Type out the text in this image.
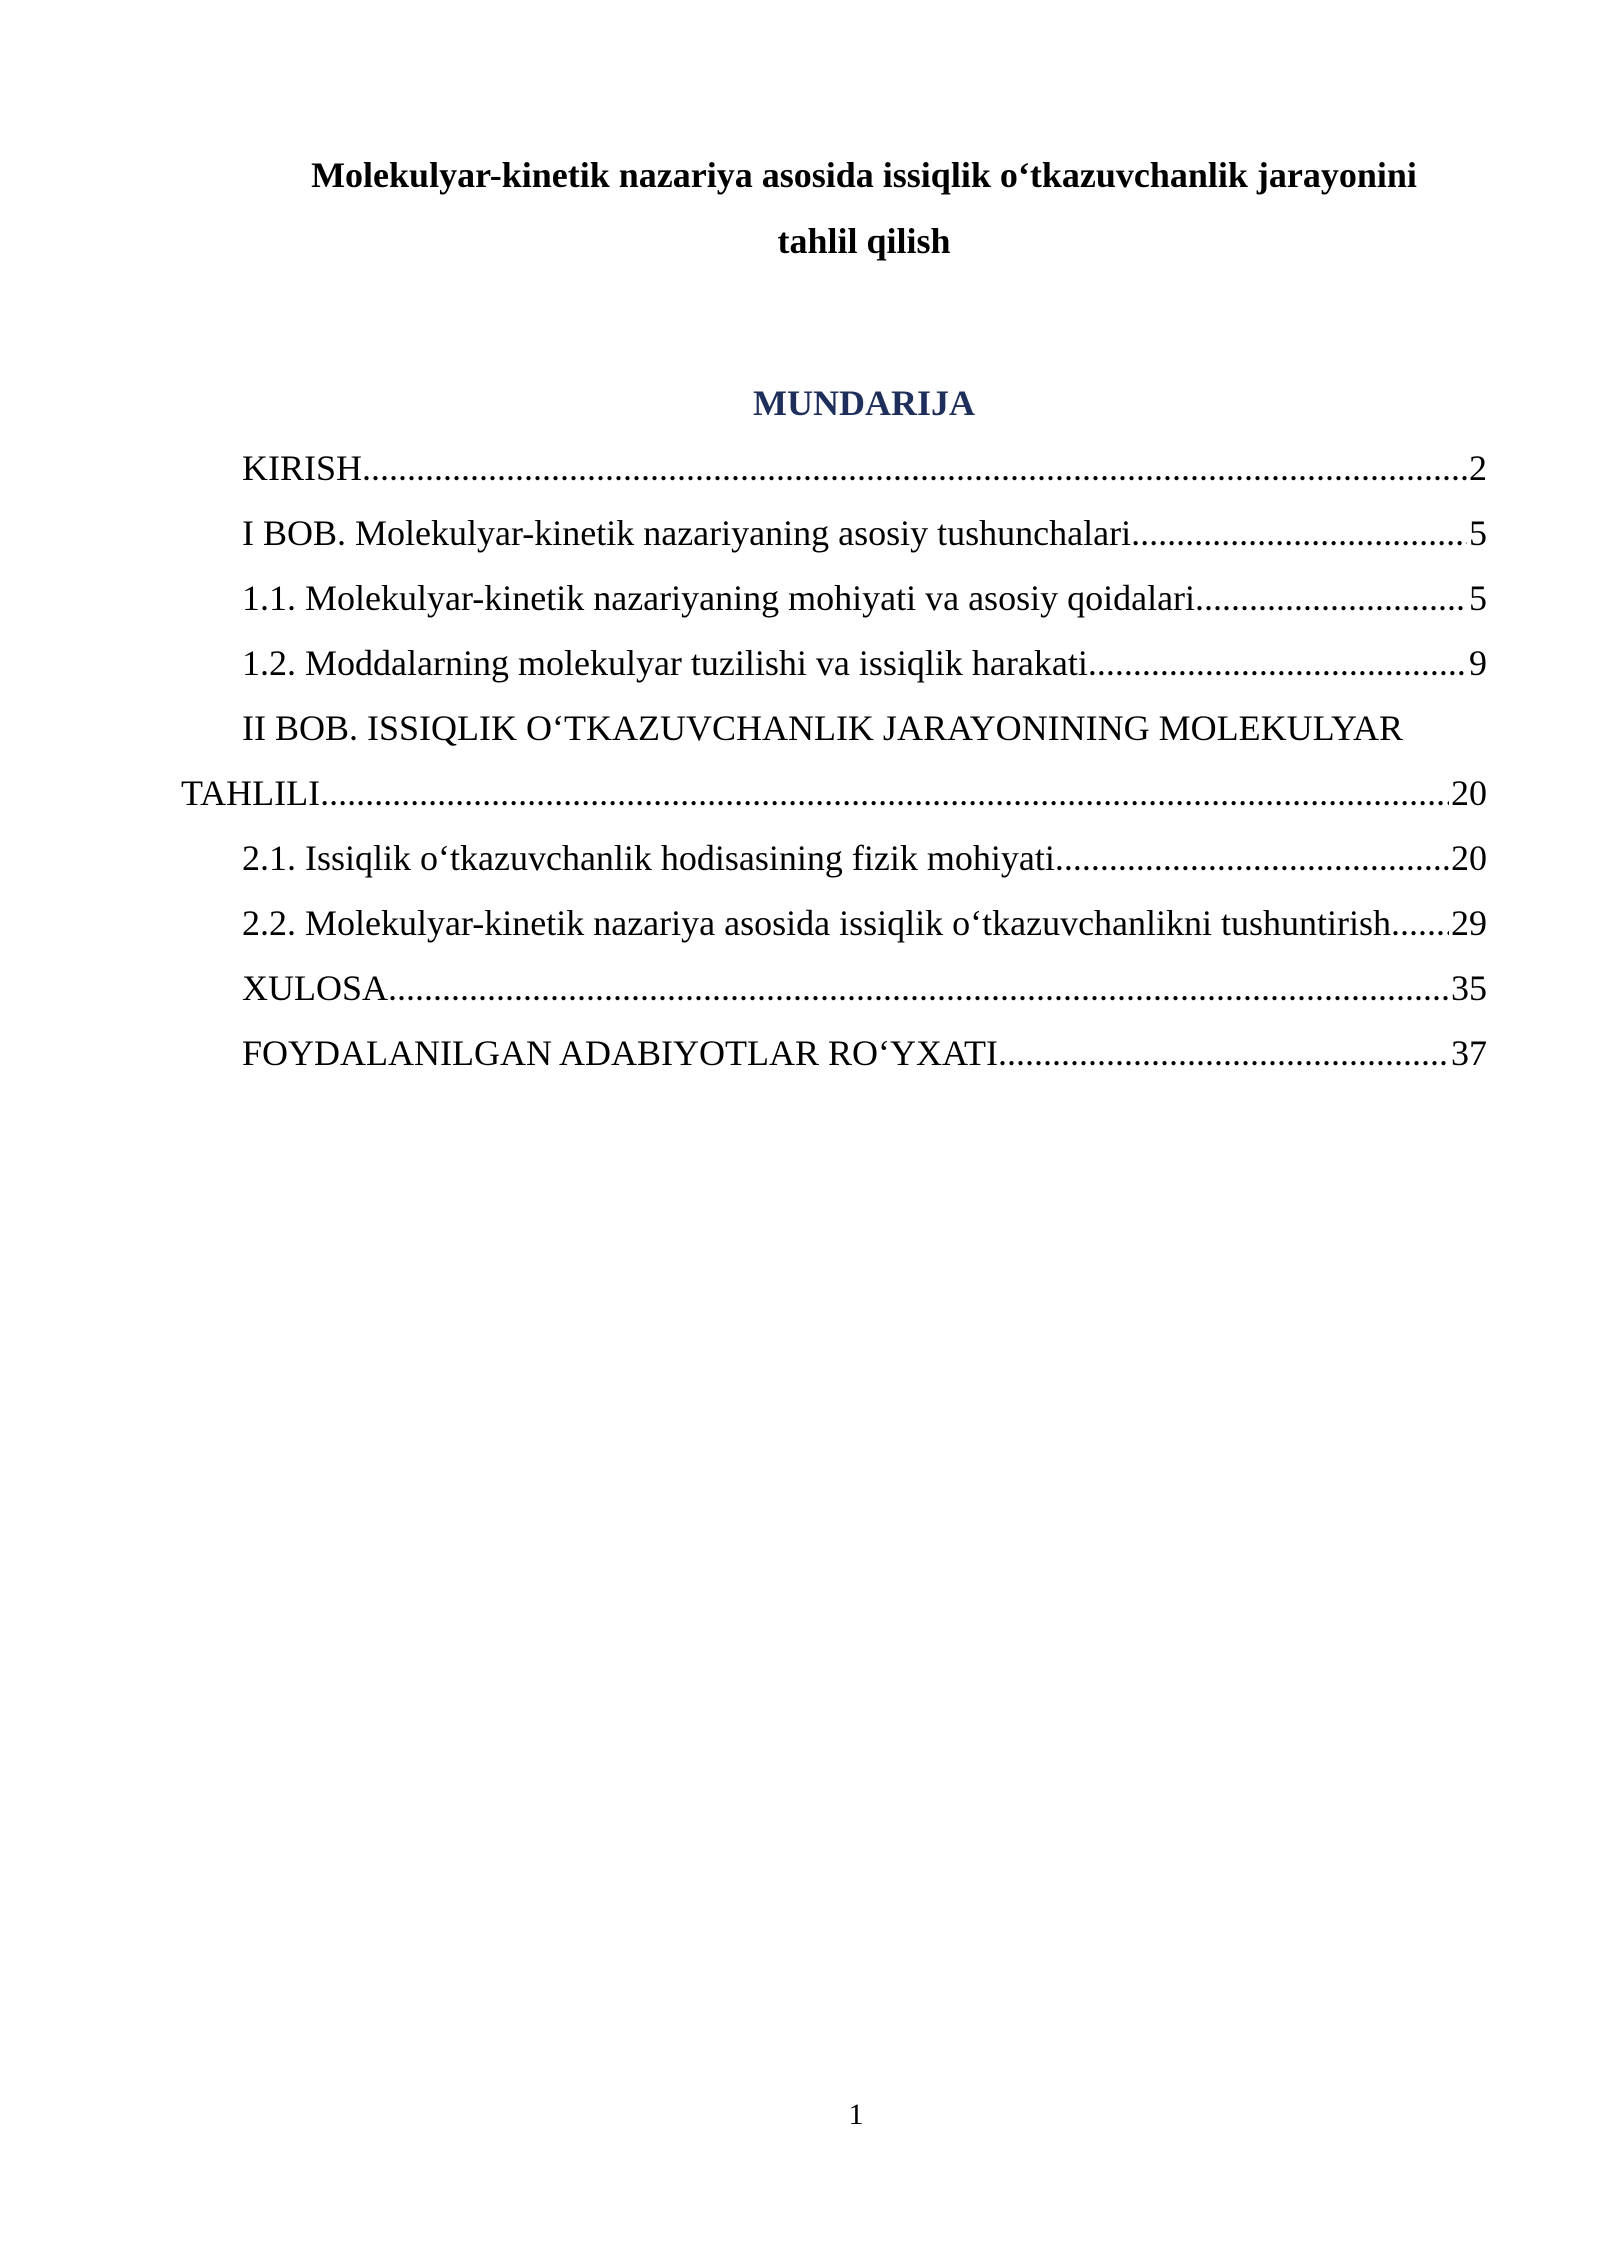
Molekulyar-kinetik nazariya asosida issiqlik o‘tkazuvchanlik jarayonini
tahlil qilish
MUNDARIJA
KIRISH .....	2
I BOB. Molekulyar-kinetik nazariyaning asosiy tushunchalari .....	5
1.1. Molekulyar-kinetik nazariyaning mohiyati va asosiy qoidalari .....	5
1.2. Moddalarning molekulyar tuzilishi va issiqlik harakati .....	9
II BOB. ISSIQLIK O‘TKAZUVCHANLIK JARAYONINING MOLEKULYAR
TAHLILI .....	20
2.1. Issiqlik o‘tkazuvchanlik hodisasining fizik mohiyati .....	20
2.2. Molekulyar-kinetik nazariya asosida issiqlik o‘tkazuvchanlikni tushuntirish ..... 29
XULOSA .....	35
FOYDALANILGAN ADABIYOTLAR RO‘YXATI .....	37
1
